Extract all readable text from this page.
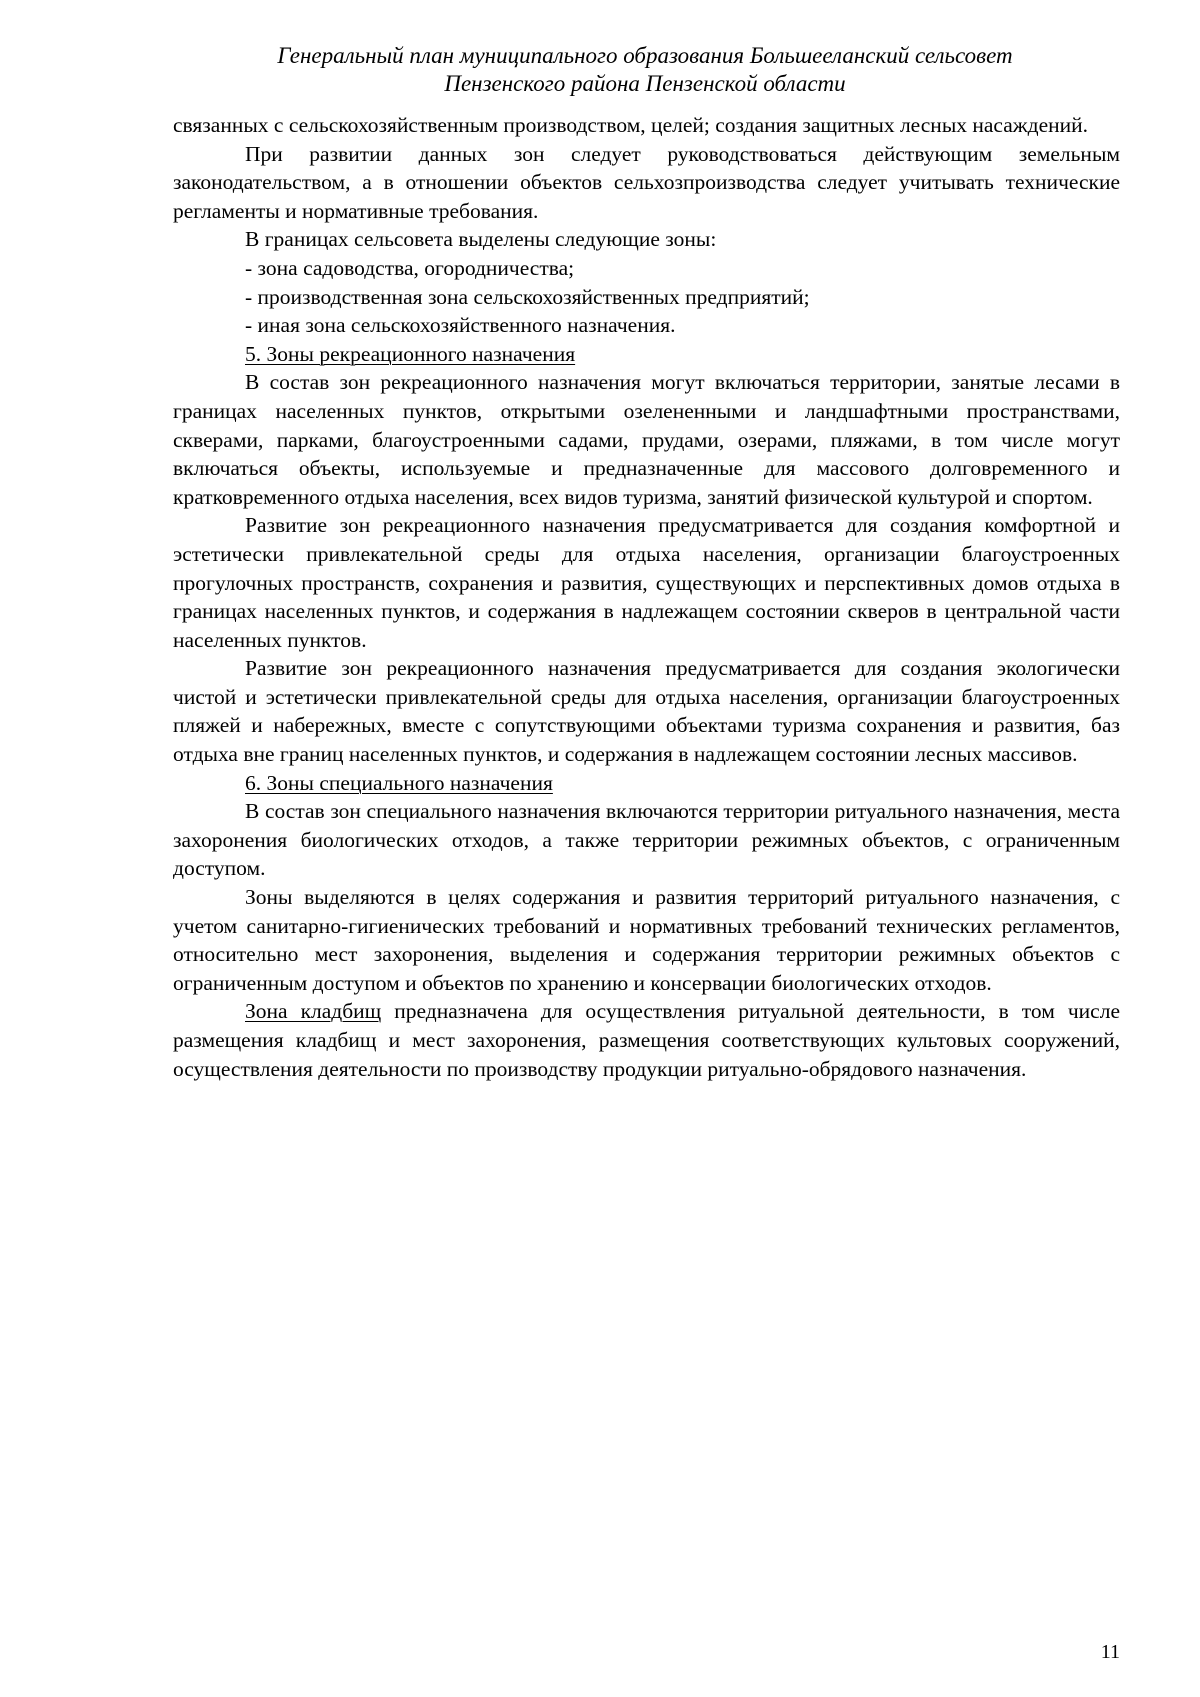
Генеральный план муниципального образования Большееланский сельсовет
Пензенского района Пензенской области

связанных с сельскохозяйственным производством, целей; создания защитных лесных насаждений.

При развитии данных зон следует руководствоваться действующим земельным законодательством, а в отношении объектов сельхозпроизводства следует учитывать технические регламенты и нормативные требования.

В границах сельсовета выделены следующие зоны:

- зона садоводства, огородничества;

- производственная зона сельскохозяйственных предприятий;

- иная зона сельскохозяйственного назначения.

5. Зоны рекреационного назначения

В состав зон рекреационного назначения могут включаться территории, занятые лесами в границах населенных пунктов, открытыми озелененными и ландшафтными пространствами, скверами, парками, благоустроенными садами, прудами, озерами, пляжами, в том числе могут включаться объекты, используемые и предназначенные для массового долговременного и кратковременного отдыха населения, всех видов туризма, занятий физической культурой и спортом.

Развитие зон рекреационного назначения предусматривается для создания комфортной и эстетически привлекательной среды для отдыха населения, организации благоустроенных прогулочных пространств, сохранения и развития, существующих и перспективных домов отдыха в границах населенных пунктов, и содержания в надлежащем состоянии скверов в центральной части населенных пунктов.

Развитие зон рекреационного назначения предусматривается для создания экологически чистой и эстетически привлекательной среды для отдыха населения, организации благоустроенных пляжей и набережных, вместе с сопутствующими объектами туризма сохранения и развития, баз отдыха вне границ населенных пунктов, и содержания в надлежащем состоянии лесных массивов.

6. Зоны специального назначения

В состав зон специального назначения включаются территории ритуального назначения, места захоронения биологических отходов, а также территории режимных объектов, с ограниченным доступом.

Зоны выделяются в целях содержания и развития территорий ритуального назначения, с учетом санитарно-гигиенических требований и нормативных требований технических регламентов, относительно мест захоронения, выделения и содержания территории режимных объектов с ограниченным доступом и объектов по хранению и консервации биологических отходов.

Зона кладбищ предназначена для осуществления ритуальной деятельности, в том числе размещения кладбищ и мест захоронения, размещения соответствующих культовых сооружений, осуществления деятельности по производству продукции ритуально-обрядового назначения.

11
